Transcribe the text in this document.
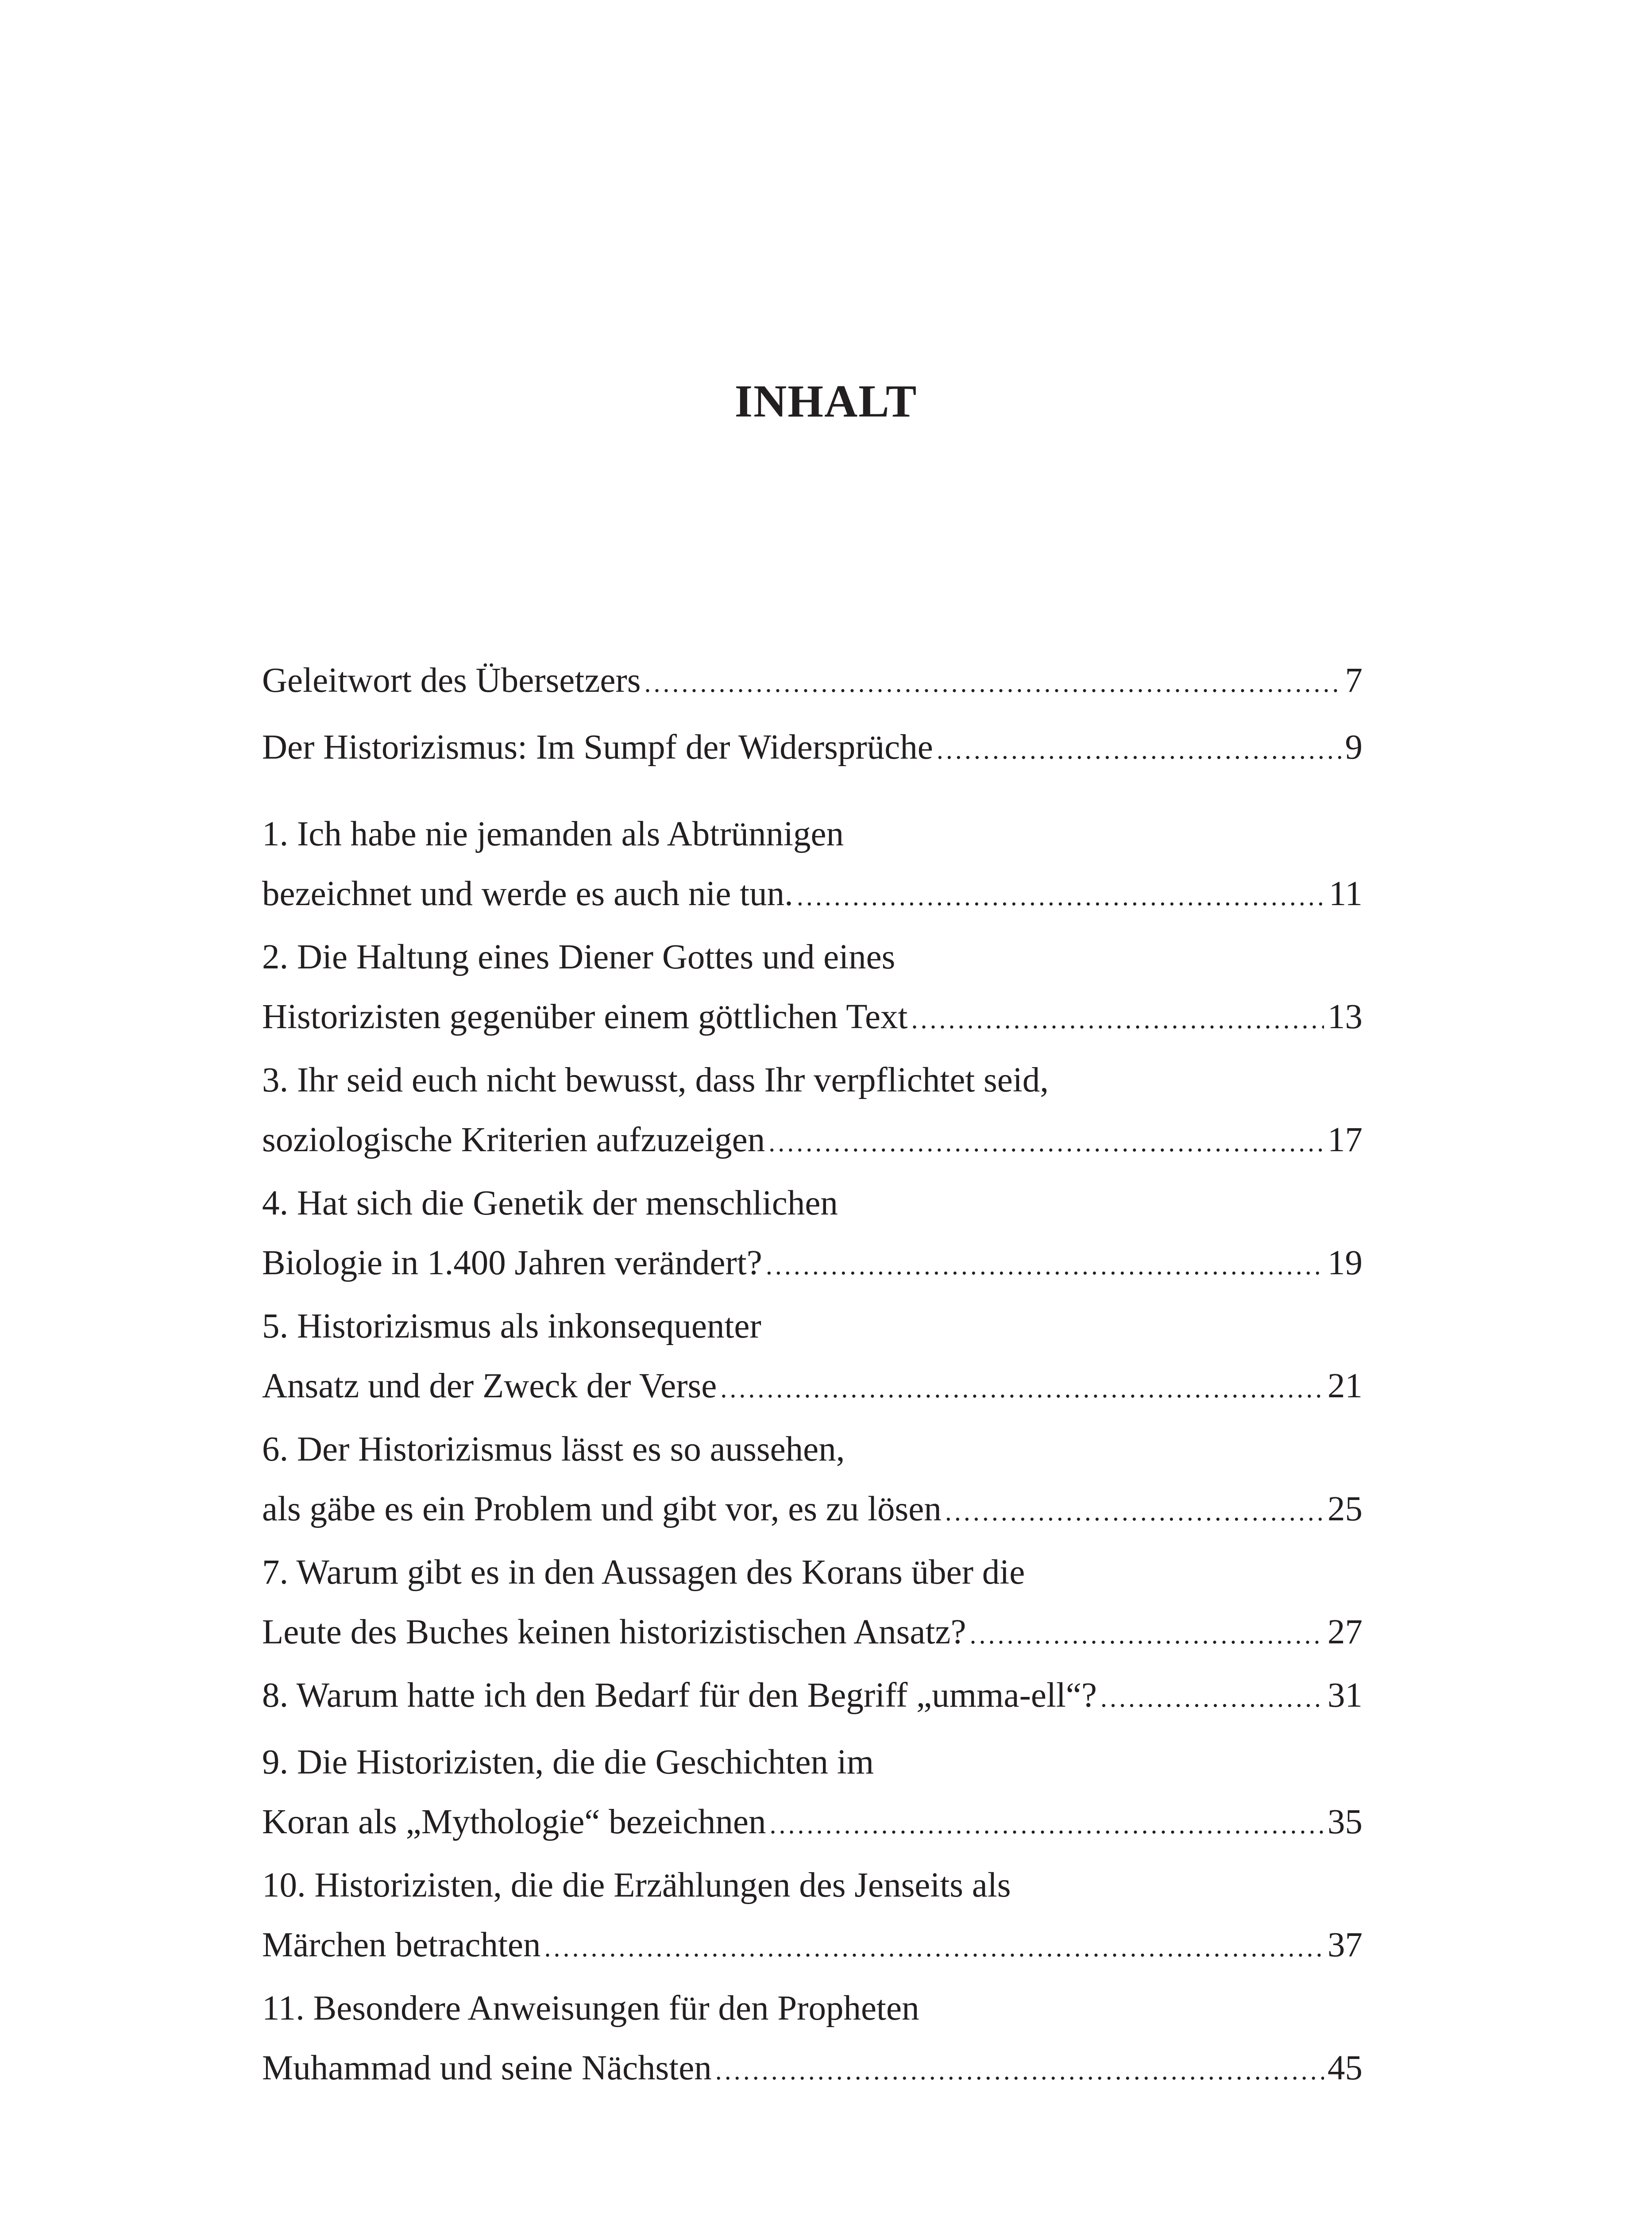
INHALT
Geleitwort des Übersetzers .....	7
Der Historizismus: Im Sumpf der Widersprüche .....	9
1. Ich habe nie jemanden als Abtrünnigen
bezeichnet und werde es auch nie tun. .....	11
2. Die Haltung eines Diener Gottes und eines
Historizisten gegenüber einem göttlichen Text .....	13
3. Ihr seid euch nicht bewusst, dass Ihr verpflichtet seid,
soziologische Kriterien aufzuzeigen .....	17
4. Hat sich die Genetik der menschlichen
Biologie in 1.400 Jahren verändert? .....	19
5. Historizismus als inkonsequenter
Ansatz und der Zweck der Verse .....	21
6. Der Historizismus lässt es so aussehen,
als gäbe es ein Problem und gibt vor, es zu lösen .....	25
7. Warum gibt es in den Aussagen des Korans über die
Leute des Buches keinen historizistischen Ansatz? .....	27
8. Warum hatte ich den Bedarf für den Begriff „umma-ell“? .....	31
9. Die Historizisten, die die Geschichten im
Koran als „Mythologie“ bezeichnen .....	35
10. Historizisten, die die Erzählungen des Jenseits als
Märchen betrachten .....	37
11. Besondere Anweisungen für den Propheten
Muhammad und seine Nächsten .....	45
